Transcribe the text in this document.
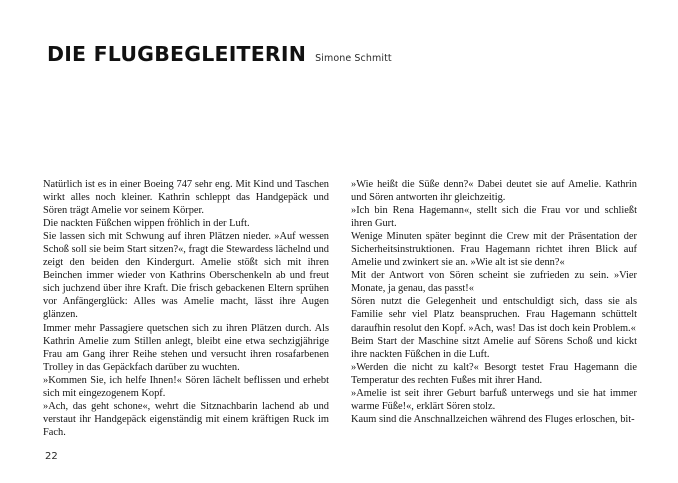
DIE FLUGBEGLEITERIN Simone Schmitt

Natürlich ist es in einer Boeing 747 sehr eng. Mit Kind und Taschen wirkt alles noch kleiner. Kathrin schleppt das Handgepäck und Sören trägt Amelie vor seinem Körper.

Die nackten Füßchen wippen fröhlich in der Luft.

Sie lassen sich mit Schwung auf ihren Plätzen nieder. »Auf wessen Schoß soll sie beim Start sitzen?«, fragt die Stewardess lächelnd und zeigt den beiden den Kindergurt. Amelie stößt sich mit ihren Beinchen immer wieder von Kathrins Oberschenkeln ab und freut sich juchzend über ihre Kraft. Die frisch gebackenen Eltern sprühen vor Anfängerglück: Alles was Amelie macht, lässt ihre Augen glänzen.

Immer mehr Passagiere quetschen sich zu ihren Plätzen durch. Als Kathrin Amelie zum Stillen anlegt, bleibt eine etwa sechzigjährige Frau am Gang ihrer Reihe stehen und versucht ihren rosafarbenen Trolley in das Gepäckfach darüber zu wuchten.

»Kommen Sie, ich helfe Ihnen!« Sören lächelt beflissen und erhebt sich mit eingezogenem Kopf.

»Ach, das geht schone«, wehrt die Sitznachbarin lachend ab und verstaut ihr Handgepäck eigenständig mit einem kräftigen Ruck im Fach.

»Wie heißt die Süße denn?« Dabei deutet sie auf Amelie. Kathrin und Sören antworten ihr gleichzeitig.

»Ich bin Rena Hagemann«, stellt sich die Frau vor und schließt ihren Gurt.

Wenige Minuten später beginnt die Crew mit der Präsentation der Sicherheitsinstruktionen. Frau Hagemann richtet ihren Blick auf Amelie und zwinkert sie an. »Wie alt ist sie denn?«

Mit der Antwort von Sören scheint sie zufrieden zu sein. »Vier Monate, ja genau, das passt!«

Sören nutzt die Gelegenheit und entschuldigt sich, dass sie als Familie sehr viel Platz beanspruchen. Frau Hagemann schüttelt daraufhin resolut den Kopf. »Ach, was! Das ist doch kein Problem.«

Beim Start der Maschine sitzt Amelie auf Sörens Schoß und kickt ihre nackten Füßchen in die Luft.

»Werden die nicht zu kalt?« Besorgt testet Frau Hagemann die Temperatur des rechten Fußes mit ihrer Hand.

»Amelie ist seit ihrer Geburt barfuß unterwegs und sie hat immer warme Füße!«, erklärt Sören stolz.

Kaum sind die Anschnallzeichen während des Fluges erloschen, bit-

22
